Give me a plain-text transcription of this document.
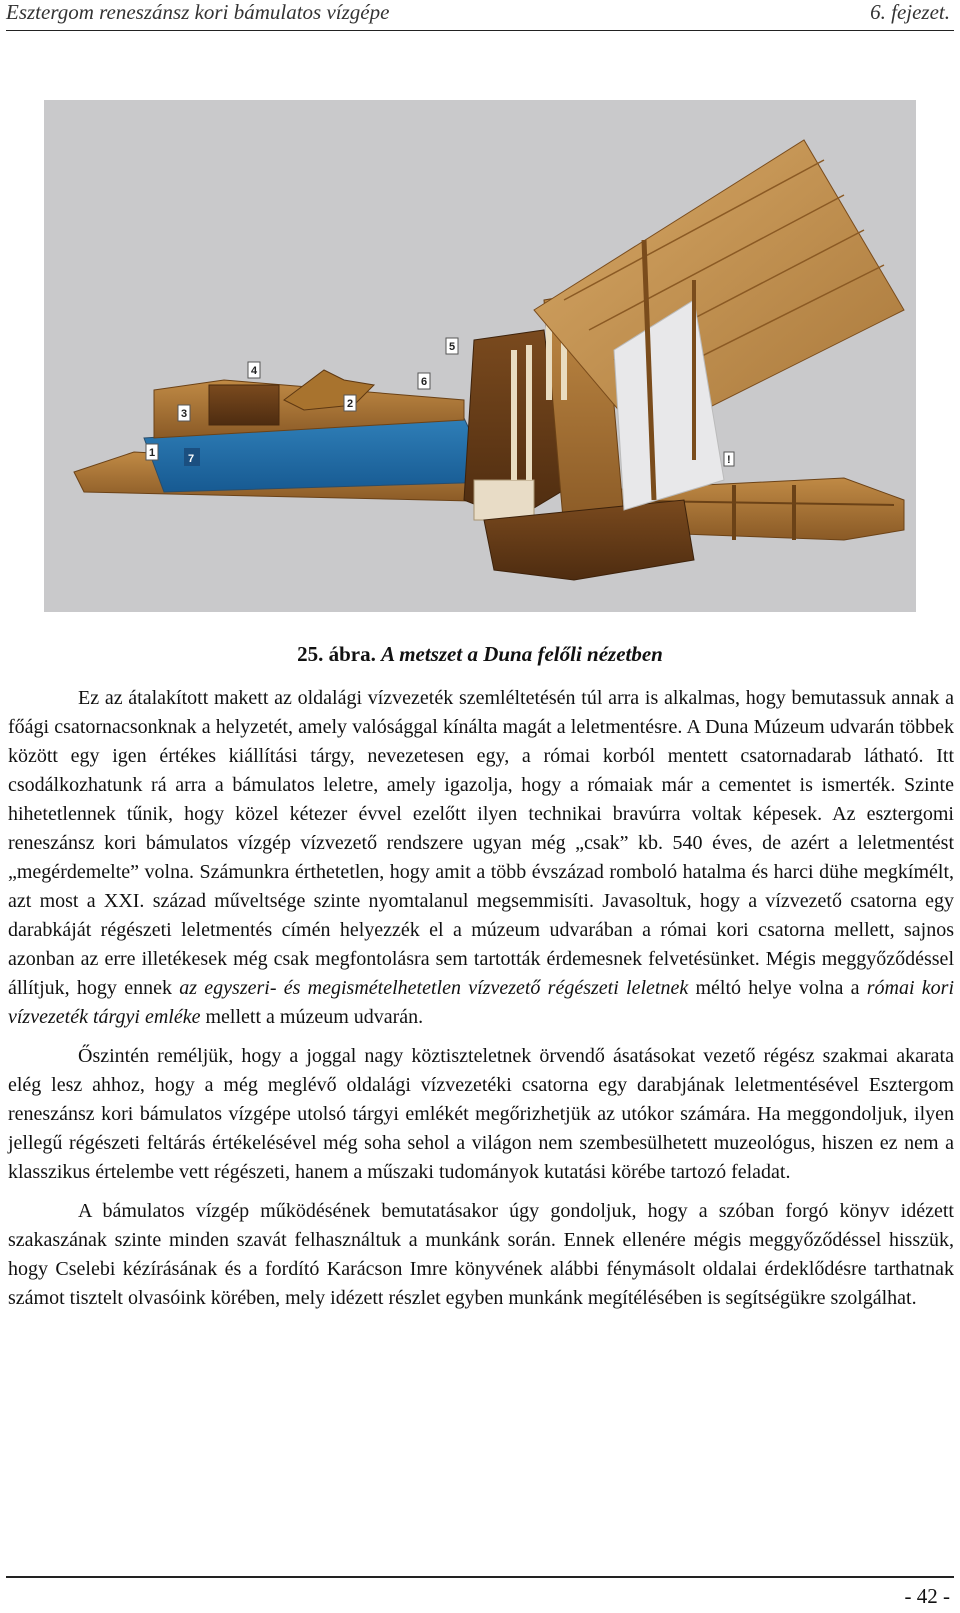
Esztergom reneszánsz kori bámulatos vízgépe	6. fejezet.
1
2
3
4
5
6
7	!
25. ábra. A metszet a Duna felőli nézetben

Ez az átalakított makett az oldalági vízvezeték szemléltetésén túl arra is alkalmas, hogy bemutassuk annak a főági csatornacsonknak a helyzetét, amely valósággal kínálta magát a leletmentésre. A Duna Múzeum udvarán többek között egy igen értékes kiállítási tárgy, nevezetesen egy, a római korból mentett csatornadarab látható. Itt csodálkozhatunk rá arra a bámulatos leletre, amely igazolja, hogy a rómaiak már a cementet is ismerték. Szinte hihetetlennek tűnik, hogy közel kétezer évvel ezelőtt ilyen technikai bravúrra voltak képesek. Az esztergomi reneszánsz kori bámulatos vízgép vízvezető rendszere ugyan még „csak” kb. 540 éves, de azért a leletmentést „megérdemelte” volna. Számunkra érthetetlen, hogy amit a több évszázad romboló hatalma és harci dühe megkímélt, azt most a XXI. század műveltsége szinte nyomtalanul megsemmisíti. Javasoltuk, hogy a vízvezető csatorna egy darabkáját régészeti leletmentés címén helyezzék el a múzeum udvarában a római kori csatorna mellett, sajnos azonban az erre illetékesek még csak megfontolásra sem tartották érdemesnek felvetésünket. Mégis meggyőződéssel állítjuk, hogy ennek az egyszeri- és megismételhetetlen vízvezető régészeti leletnek méltó helye volna a római kori vízvezeték tárgyi emléke mellett a múzeum udvarán.

Őszintén reméljük, hogy a joggal nagy köztiszteletnek örvendő ásatásokat vezető régész szakmai akarata elég lesz ahhoz, hogy a még meglévő oldalági vízvezetéki csatorna egy darabjának leletmentésével Esztergom reneszánsz kori bámulatos vízgépe utolsó tárgyi emlékét megőrizhetjük az utókor számára. Ha meggondoljuk, ilyen jellegű régészeti feltárás értékelésével még soha sehol a világon nem szembesülhetett muzeológus, hiszen ez nem a klasszikus értelembe vett régészeti, hanem a műszaki tudományok kutatási körébe tartozó feladat.

A bámulatos vízgép működésének bemutatásakor úgy gondoljuk, hogy a szóban forgó könyv idézett szakaszának szinte minden szavát felhasználtuk a munkánk során. Ennek ellenére mégis meggyőződéssel hisszük, hogy Cselebi kézírásának és a fordító Karácson Imre könyvének alábbi fénymásolt oldalai érdeklődésre tarthatnak számot tisztelt olvasóink körében, mely idézett részlet egyben munkánk megítélésében is segítségükre szolgálhat.

- 42 -
